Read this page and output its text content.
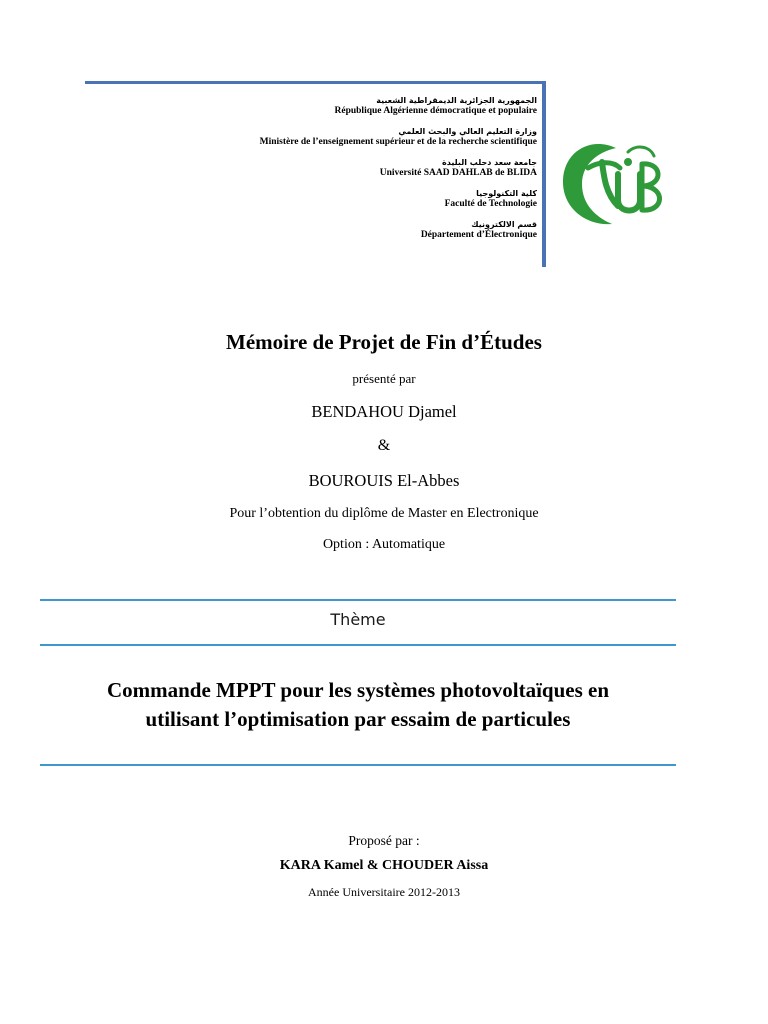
الجمهورية الجزائرية الديمقراطية الشعبية
République Algérienne démocratique et populaire
وزارة التعليم العالي والبحث العلمي
Ministère de l’enseignement supérieur et de la recherche scientifique
جامعة سعد دحلب البليدة
Université SAAD DAHLAB de BLIDA
كلية التكنولوجيا
Faculté de Technologie
قسم الالكترونيك
Département d’Électronique
Mémoire de Projet de Fin d’Études
présenté par
BENDAHOU Djamel
&
BOUROUIS El-Abbes
Pour l’obtention du diplôme de Master en Electronique
Option : Automatique
Thème
Commande MPPT pour les systèmes photovoltaïques en
utilisant l’optimisation par essaim de particules
Proposé par :
KARA Kamel & CHOUDER Aissa
Année Universitaire 2012-2013
